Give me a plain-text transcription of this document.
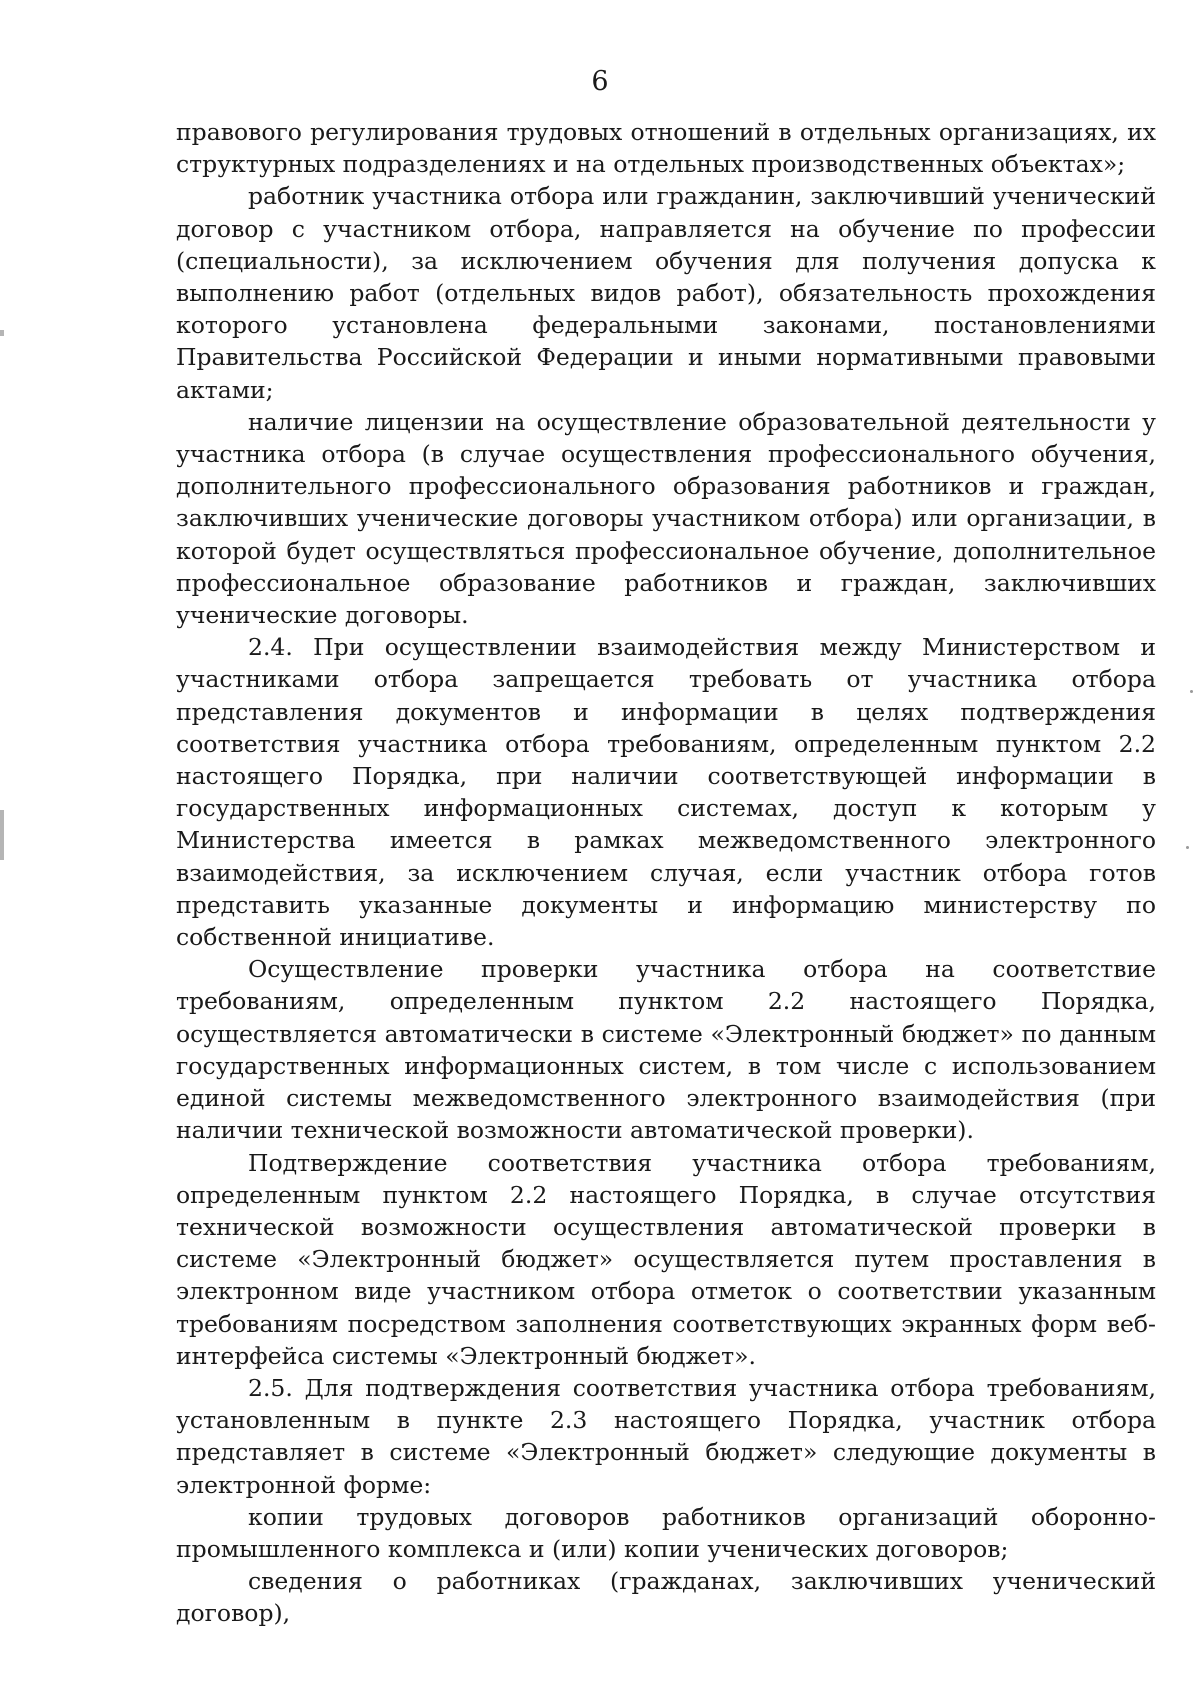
6

правового регулирования трудовых отношений в отдельных организациях, их структурных подразделениях и на отдельных производственных объектах»;

работник участника отбора или гражданин, заключивший ученический договор с участником отбора, направляется на обучение по профессии (специальности), за исключением обучения для получения допуска к выполнению работ (отдельных видов работ), обязательность прохождения которого установлена федеральными законами, постановлениями Правительства Российской Федерации и иными нормативными правовыми актами;

наличие лицензии на осуществление образовательной деятельности у участника отбора (в случае осуществления профессионального обучения, дополнительного профессионального образования работников и граждан, заключивших ученические договоры участником отбора) или организации, в которой будет осуществляться профессиональное обучение, дополнительное профессиональное образование работников и граждан, заключивших ученические договоры.

2.4. При осуществлении взаимодействия между Министерством и участниками отбора запрещается требовать от участника отбора представления документов и информации в целях подтверждения соответствия участника отбора требованиям, определенным пунктом 2.2 настоящего Порядка, при наличии соответствующей информации в государственных информационных системах, доступ к которым у Министерства имеется в рамках межведомственного электронного взаимодействия, за исключением случая, если участник отбора готов представить указанные документы и информацию министерству по собственной инициативе.

Осуществление проверки участника отбора на соответствие требованиям, определенным пунктом 2.2 настоящего Порядка, осуществляется автоматически в системе «Электронный бюджет» по данным государственных информационных систем, в том числе с использованием единой системы межведомственного электронного взаимодействия (при наличии технической возможности автоматической проверки).

Подтверждение соответствия участника отбора требованиям, определенным пунктом 2.2 настоящего Порядка, в случае отсутствия технической возможности осуществления автоматической проверки в системе «Электронный бюджет» осуществляется путем проставления в электронном виде участником отбора отметок о соответствии указанным требованиям посредством заполнения соответствующих экранных форм веб-интерфейса системы «Электронный бюджет».

2.5. Для подтверждения соответствия участника отбора требованиям, установленным в пункте 2.3 настоящего Порядка, участник отбора представляет в системе «Электронный бюджет» следующие документы в электронной форме:

копии трудовых договоров работников организаций оборонно-промышленного комплекса и (или) копии ученических договоров;

сведения о работниках (гражданах, заключивших ученический договор),
